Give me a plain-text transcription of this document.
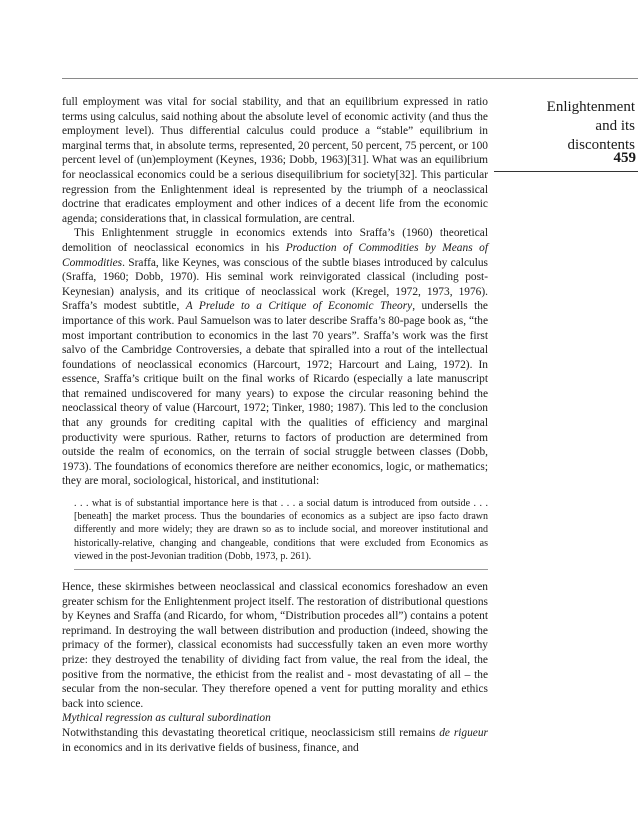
Enlightenment
and its
discontents
459

full employment was vital for social stability, and that an equilibrium expressed in ratio terms using calculus, said nothing about the absolute level of economic activity (and thus the employment level). Thus differential calculus could produce a “stable” equilibrium in marginal terms that, in absolute terms, represented, 20 percent, 50 percent, 75 percent, or 100 percent level of (un)employment (Keynes, 1936; Dobb, 1963)[31]. What was an equilibrium for neoclassical economics could be a serious disequilibrium for society[32]. This particular regression from the Enlightenment ideal is represented by the triumph of a neoclassical doctrine that eradicates employment and other indices of a decent life from the economic agenda; considerations that, in classical formulation, are central.

This Enlightenment struggle in economics extends into Sraffa’s (1960) theoretical demolition of neoclassical economics in his Production of Commodities by Means of Commodities. Sraffa, like Keynes, was conscious of the subtle biases introduced by calculus (Sraffa, 1960; Dobb, 1970). His seminal work reinvigorated classical (including post-Keynesian) analysis, and its critique of neoclassical work (Kregel, 1972, 1973, 1976). Sraffa’s modest subtitle, A Prelude to a Critique of Economic Theory, undersells the importance of this work. Paul Samuelson was to later describe Sraffa’s 80-page book as, “the most important contribution to economics in the last 70 years”. Sraffa’s work was the first salvo of the Cambridge Controversies, a debate that spiralled into a rout of the intellectual foundations of neoclassical economics (Harcourt, 1972; Harcourt and Laing, 1972). In essence, Sraffa’s critique built on the final works of Ricardo (especially a late manuscript that remained undiscovered for many years) to expose the circular reasoning behind the neoclassical theory of value (Harcourt, 1972; Tinker, 1980; 1987). This led to the conclusion that any grounds for crediting capital with the qualities of efficiency and marginal productivity were spurious. Rather, returns to factors of production are determined from outside the realm of economics, on the terrain of social struggle between classes (Dobb, 1973). The foundations of economics therefore are neither economics, logic, or mathematics; they are moral, sociological, historical, and institutional:

. . . what is of substantial importance here is that . . . a social datum is introduced from outside . . . [beneath] the market process. Thus the boundaries of economics as a subject are ipso facto drawn differently and more widely; they are drawn so as to include social, and moreover institutional and historically-relative, changing and changeable, conditions that were excluded from Economics as viewed in the post-Jevonian tradition (Dobb, 1973, p. 261).

Hence, these skirmishes between neoclassical and classical economics foreshadow an even greater schism for the Enlightenment project itself. The restoration of distributional questions by Keynes and Sraffa (and Ricardo, for whom, “Distribution procedes all”) contains a potent reprimand. In destroying the wall between distribution and production (indeed, showing the primacy of the former), classical economists had successfully taken an even more worthy prize: they destroyed the tenability of dividing fact from value, the real from the ideal, the positive from the normative, the ethicist from the realist and - most devastating of all – the secular from the non-secular. They therefore opened a vent for putting morality and ethics back into science.

Mythical regression as cultural subordination

Notwithstanding this devastating theoretical critique, neoclassicism still remains de rigueur in economics and in its derivative fields of business, finance, and
